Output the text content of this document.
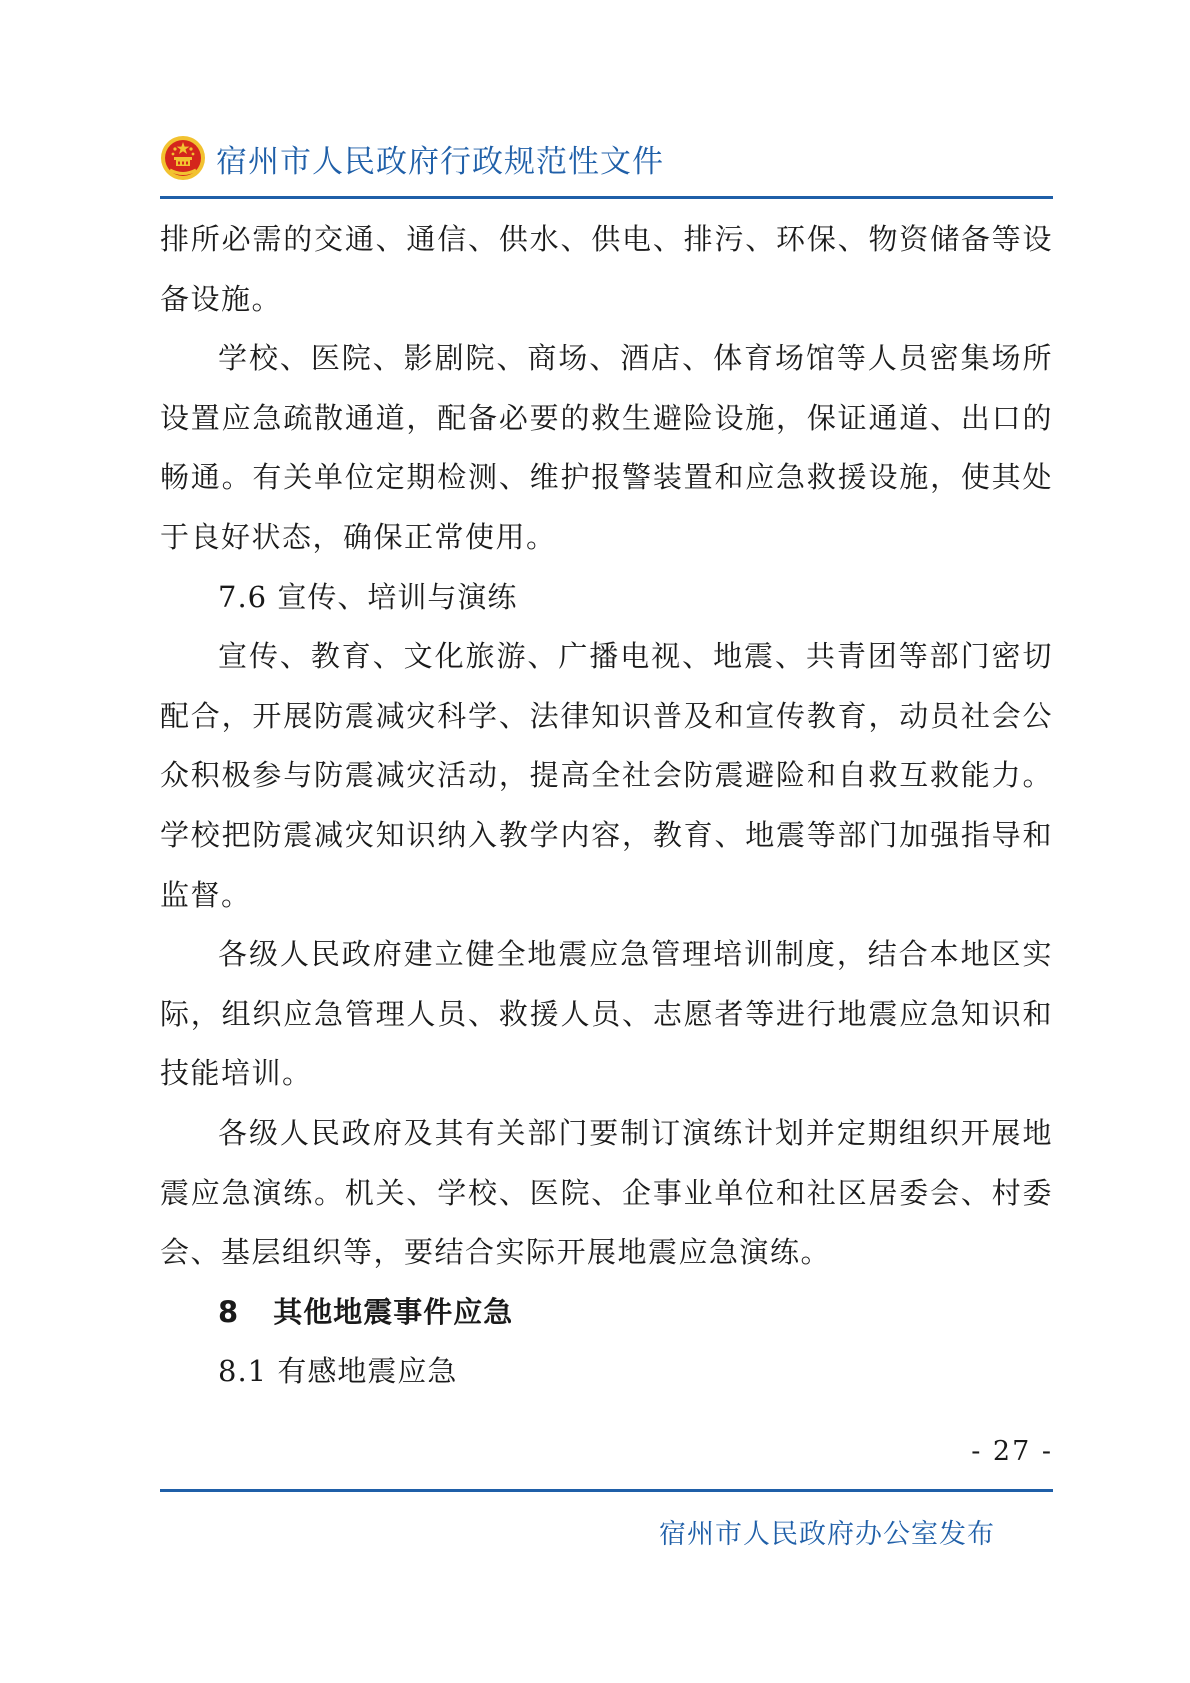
宿州市人民政府行政规范性文件

排所必需的交通、通信、供水、供电、排污、环保、物资储备等设备设施。

学校、医院、影剧院、商场、酒店、体育场馆等人员密集场所设置应急疏散通道，配备必要的救生避险设施，保证通道、出口的畅通。有关单位定期检测、维护报警装置和应急救援设施，使其处于良好状态，确保正常使用。

7.6 宣传、培训与演练

宣传、教育、文化旅游、广播电视、地震、共青团等部门密切配合，开展防震减灾科学、法律知识普及和宣传教育，动员社会公众积极参与防震减灾活动，提高全社会防震避险和自救互救能力。学校把防震减灾知识纳入教学内容，教育、地震等部门加强指导和监督。

各级人民政府建立健全地震应急管理培训制度，结合本地区实际，组织应急管理人员、救援人员、志愿者等进行地震应急知识和技能培训。

各级人民政府及其有关部门要制订演练计划并定期组织开展地震应急演练。机关、学校、医院、企事业单位和社区居委会、村委会、基层组织等，要结合实际开展地震应急演练。

8 其他地震事件应急

8.1 有感地震应急

- 27 -
宿州市人民政府办公室发布
